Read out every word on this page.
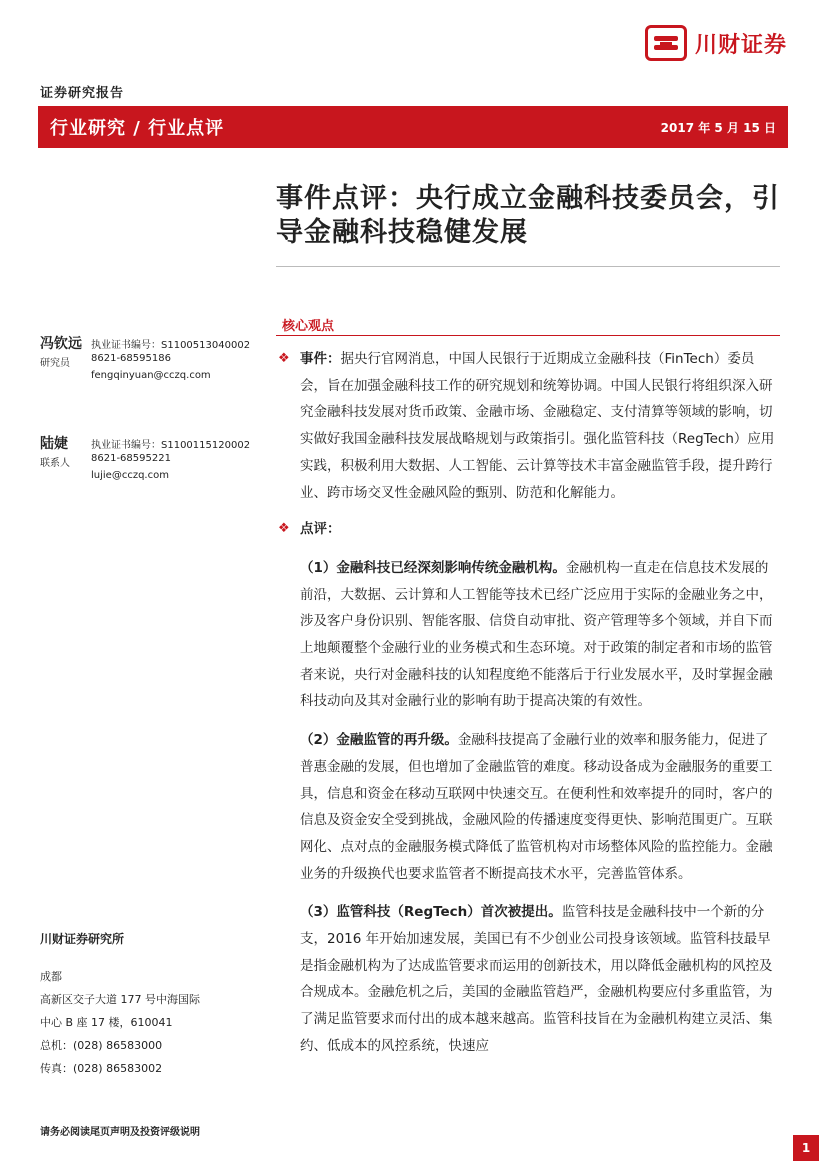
川财证券
证券研究报告
行业研究 / 行业点评	2017 年 5 月 15 日
事件点评：央行成立金融科技委员会，引导金融科技稳健发展
核心观点
冯钦远
研究员
执业证书编号：S1100513040002
8621-68595186
fengqinyuan@cczq.com
陆婕
联系人
执业证书编号：S1100115120002
8621-68595221
lujie@cczq.com
川财证券研究所
成都
高新区交子大道 177 号中海国际
中心 B 座 17 楼，610041
总机：(028) 86583000
传真：(028) 86583002
请务必阅读尾页声明及投资评级说明
1
❖ 事件：据央行官网消息，中国人民银行于近期成立金融科技（FinTech）委员会，旨在加强金融科技工作的研究规划和统筹协调。中国人民银行将组织深入研究金融科技发展对货币政策、金融市场、金融稳定、支付清算等领域的影响，切实做好我国金融科技发展战略规划与政策指引。强化监管科技（RegTech）应用实践，积极利用大数据、人工智能、云计算等技术丰富金融监管手段，提升跨行业、跨市场交叉性金融风险的甄别、防范和化解能力。
❖ 点评：
（1）金融科技已经深刻影响传统金融机构。金融机构一直走在信息技术发展的前沿，大数据、云计算和人工智能等技术已经广泛应用于实际的金融业务之中，涉及客户身份识别、智能客服、信贷自动审批、资产管理等多个领域，并自下而上地颠覆整个金融行业的业务模式和生态环境。对于政策的制定者和市场的监管者来说，央行对金融科技的认知程度绝不能落后于行业发展水平，及时掌握金融科技动向及其对金融行业的影响有助于提高决策的有效性。
（2）金融监管的再升级。金融科技提高了金融行业的效率和服务能力，促进了普惠金融的发展，但也增加了金融监管的难度。移动设备成为金融服务的重要工具，信息和资金在移动互联网中快速交互。在便利性和效率提升的同时，客户的信息及资金安全受到挑战，金融风险的传播速度变得更快、影响范围更广。互联网化、点对点的金融服务模式降低了监管机构对市场整体风险的监控能力。金融业务的升级换代也要求监管者不断提高技术水平，完善监管体系。
（3）监管科技（RegTech）首次被提出。监管科技是金融科技中一个新的分支，2016 年开始加速发展，美国已有不少创业公司投身该领域。监管科技最早是指金融机构为了达成监管要求而运用的创新技术，用以降低金融机构的风控及合规成本。金融危机之后，美国的金融监管趋严，金融机构要应付多重监管，为了满足监管要求而付出的成本越来越高。监管科技旨在为金融机构建立灵活、集约、低成本的风控系统，快速应
